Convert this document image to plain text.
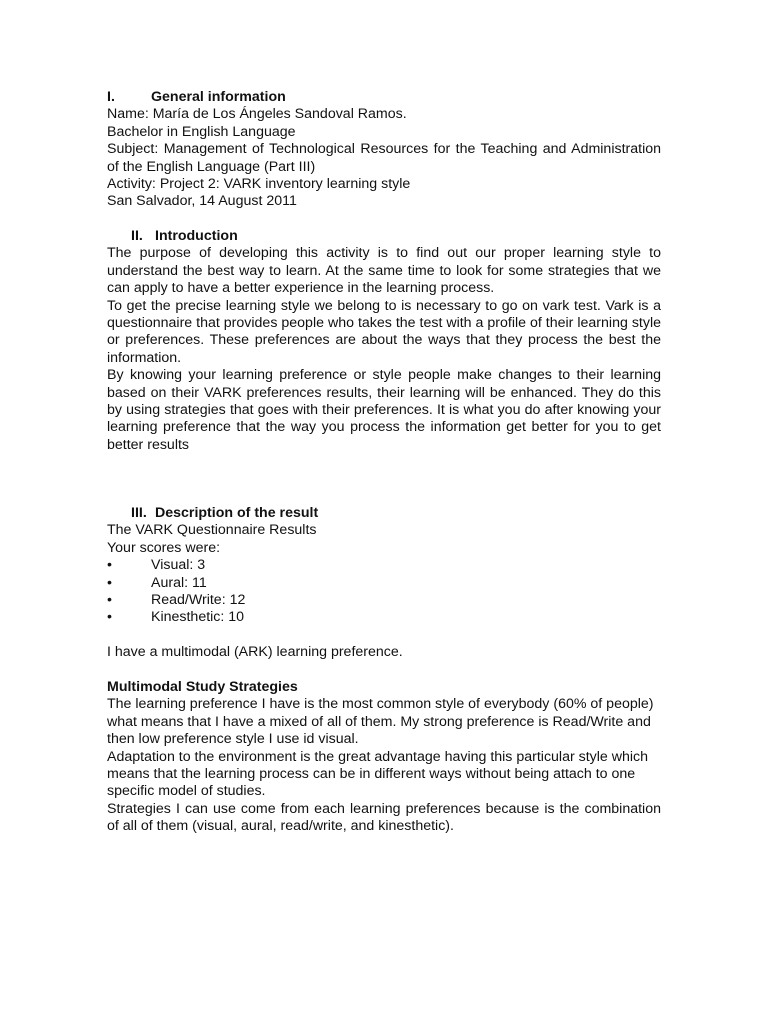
I.	General information

Name: María de Los Ángeles Sandoval Ramos.

Bachelor in English Language

Subject: Management of Technological Resources for the Teaching and Administration of the English Language (Part III)

Activity: Project 2: VARK inventory learning style

San Salvador, 14 August 2011

II. Introduction

The purpose of developing this activity is to find out our proper learning style to understand the best way to learn. At the same time to look for some strategies that we can apply to have a better experience in the learning process.

To get the precise learning style we belong to is necessary to go on vark test. Vark is a questionnaire that provides people who takes the test with a profile of their learning style or preferences. These preferences are about the ways that they process the best the information.

By knowing your learning preference or style people make changes to their learning based on their VARK preferences results, their learning will be enhanced. They do this by using strategies that goes with their preferences. It is what you do after knowing your learning preference that the way you process the information get better for you to get better results

III. Description of the result

The VARK Questionnaire Results

Your scores were:

•	Visual: 3
•	Aural: 11
•	Read/Write: 12
•	Kinesthetic: 10

I have a multimodal (ARK) learning preference.

Multimodal Study Strategies

The learning preference I have is the most common style of everybody (60% of people) what means that I have a mixed of all of them. My strong preference is Read/Write and then low preference style I use id visual.

Adaptation to the environment is the great advantage having this particular style which means that the learning process can be in different ways without being attach to one specific model of studies.

Strategies I can use come from each learning preferences because is the combination of all of them (visual, aural, read/write, and kinesthetic).
